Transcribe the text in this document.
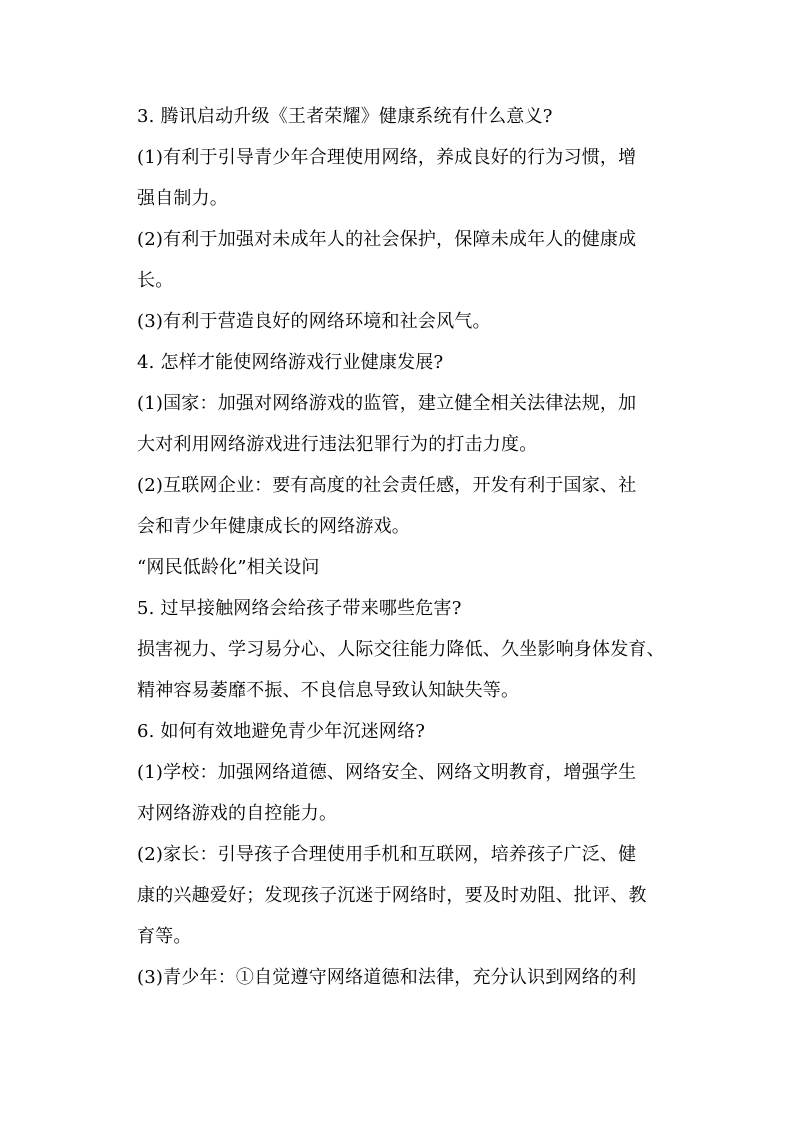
3. 腾讯启动升级《王者荣耀》健康系统有什么意义?
(1)有利于引导青少年合理使用网络，养成良好的行为习惯，增
强自制力。
(2)有利于加强对未成年人的社会保护，保障未成年人的健康成
长。
(3)有利于营造良好的网络环境和社会风气。
4. 怎样才能使网络游戏行业健康发展?
(1)国家：加强对网络游戏的监管，建立健全相关法律法规，加
大对利用网络游戏进行违法犯罪行为的打击力度。
(2)互联网企业：要有高度的社会责任感，开发有利于国家、社
会和青少年健康成长的网络游戏。
“网民低龄化”相关设问
5. 过早接触网络会给孩子带来哪些危害?
损害视力、学习易分心、人际交往能力降低、久坐影响身体发育、
精神容易萎靡不振、不良信息导致认知缺失等。
6. 如何有效地避免青少年沉迷网络?
(1)学校：加强网络道德、网络安全、网络文明教育，增强学生
对网络游戏的自控能力。
(2)家长：引导孩子合理使用手机和互联网，培养孩子广泛、健
康的兴趣爱好；发现孩子沉迷于网络时，要及时劝阻、批评、教
育等。
(3)青少年：①自觉遵守网络道德和法律，充分认识到网络的利
